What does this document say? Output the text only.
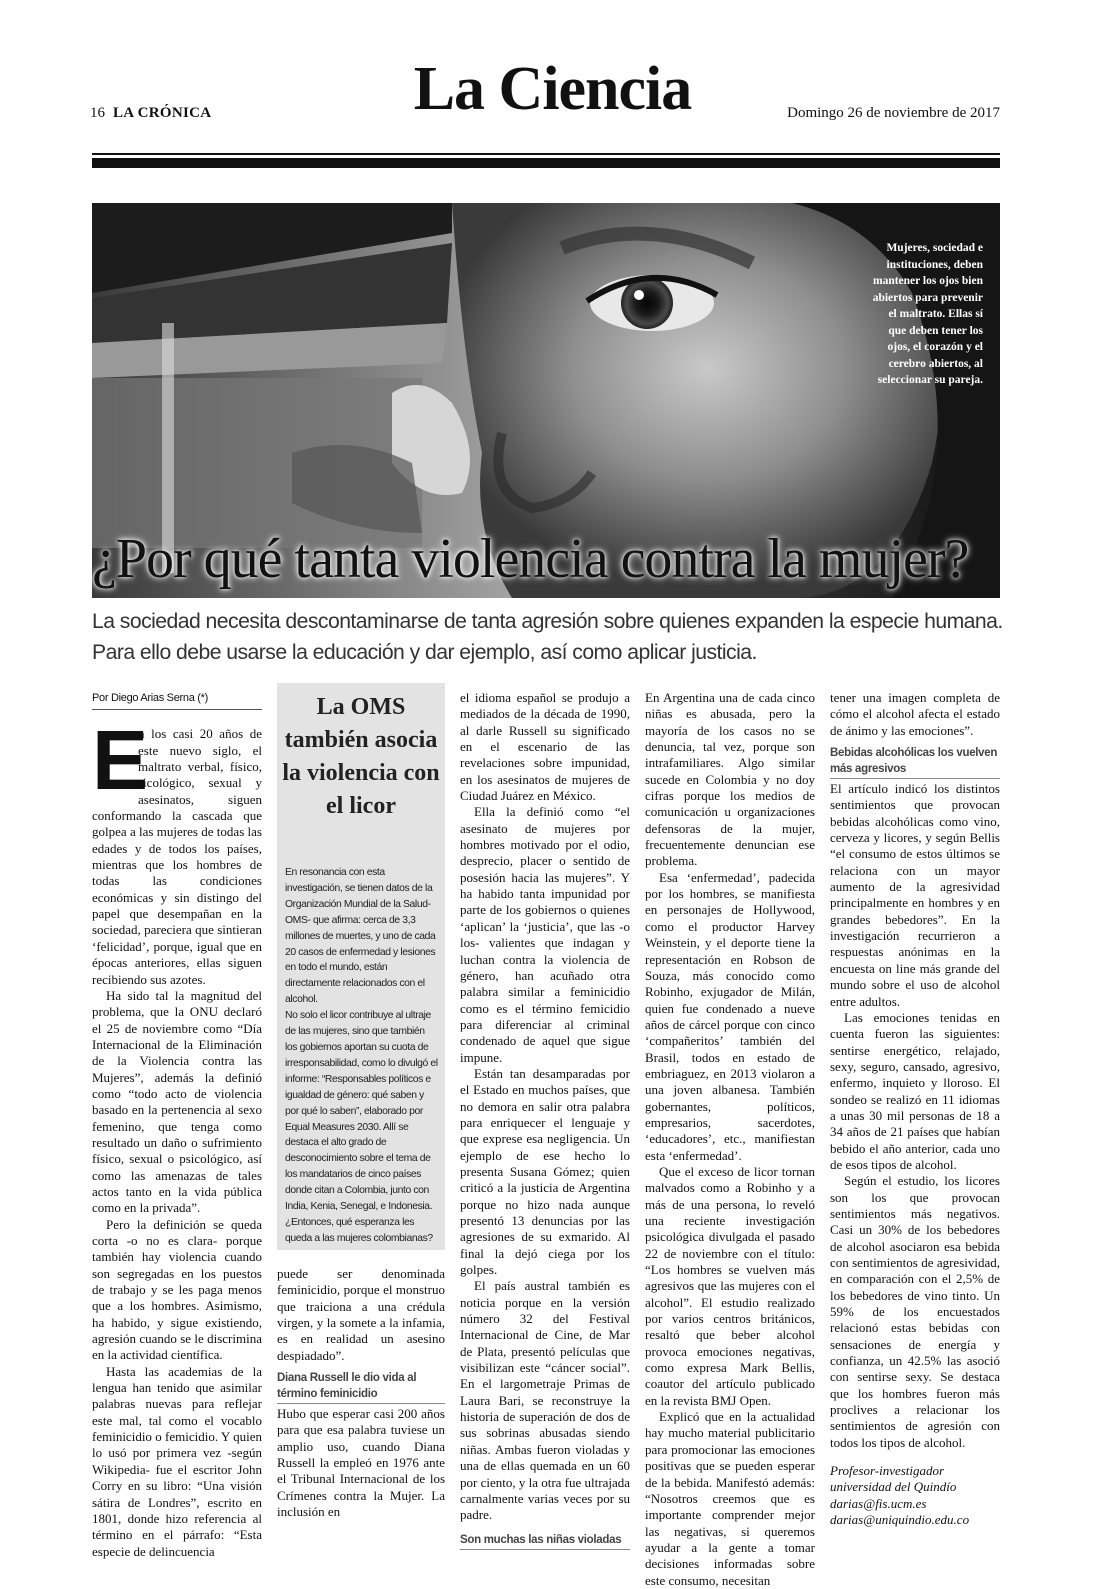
16 LA CRÓNICA	La Ciencia	Domingo 26 de noviembre de 2017
Mujeres, sociedad e instituciones, deben mantener los ojos bien abiertos para prevenir el maltrato. Ellas sí que deben tener los ojos, el corazón y el cerebro abiertos, al seleccionar su pareja.
¿Por qué tanta violencia contra la mujer?
La sociedad necesita descontaminarse de tanta agresión sobre quienes expanden la especie humana.
Para ello debe usarse la educación y dar ejemplo, así como aplicar justicia.
Por Diego Arias Serna (*)

E
n los casi 20 años de este nuevo siglo, el maltrato verbal, físico, sicológico, sexual y asesinatos, siguen conformando la cascada que golpea a las mujeres de todas las edades y de todos los países, mientras que los hombres de todas las condiciones económicas y sin distingo del papel que desempañan en la sociedad, pareciera que sintieran ‘felicidad’, porque, igual que en épocas anteriores, ellas siguen recibiendo sus azotes.

Ha sido tal la magnitud del problema, que la ONU declaró el 25 de noviembre como “Día Internacional de la Eliminación de la Violencia contra las Mujeres”, además la definió como “todo acto de violencia basado en la pertenencia al sexo femenino, que tenga como resultado un daño o sufrimiento físico, sexual o psicológico, así como las amenazas de tales actos tanto en la vida pública como en la privada”.

Pero la definición se queda corta -o no es clara- porque también hay violencia cuando son segregadas en los puestos de trabajo y se les paga menos que a los hombres. Asimismo, ha habido, y sigue existiendo, agresión cuando se le discrimina en la actividad científica.

Hasta las academias de la lengua han tenido que asimilar palabras nuevas para reflejar este mal, tal como el vocablo feminicidio o femicidio. Y quien lo usó por primera vez -según Wikipedia- fue el escritor John Corry en su libro: “Una visión sátira de Londres”, escrito en 1801, donde hizo referencia al término en el párrafo: “Esta especie de delincuencia

La OMS también asocia la violencia con el licor

En resonancia con esta investigación, se tienen datos de la Organización Mundial de la Salud- OMS- que afirma: cerca de 3,3 millones de muertes, y uno de cada 20 casos de enfermedad y lesiones en todo el mundo, están directamente relacionados con el alcohol.

No solo el licor contribuye al ultraje de las mujeres, sino que también los gobiernos aportan su cuota de irresponsabilidad, como lo divulgó el informe: “Responsables políticos e igualdad de género: qué saben y por qué lo saben”, elaborado por Equal Measures 2030. Allí se destaca el alto grado de desconocimiento sobre el tema de los mandatarios de cinco países donde citan a Colombia, junto con India, Kenia, Senegal, e Indonesia. ¿Entonces, qué esperanza les queda a las mujeres colombianas?

puede ser denominada feminicidio, porque el monstruo que traiciona a una crédula virgen, y la somete a la infamia, es en realidad un asesino despiadado”.

Diana Russell le dio vida al término feminicidio

Hubo que esperar casi 200 años para que esa palabra tuviese un amplio uso, cuando Diana Russell la empleó en 1976 ante el Tribunal Internacional de los Crímenes contra la Mujer. La inclusión en

el idioma español se produjo a mediados de la década de 1990, al darle Russell su significado en el escenario de las revelaciones sobre impunidad, en los asesinatos de mujeres de Ciudad Juárez en México.

Ella la definió como “el asesinato de mujeres por hombres motivado por el odio, desprecio, placer o sentido de posesión hacia las mujeres”. Y ha habido tanta impunidad por parte de los gobiernos o quienes ‘aplican’ la ‘justicia’, que las -o los- valientes que indagan y luchan contra la violencia de género, han acuñado otra palabra similar a feminicidio como es el término femicidio para diferenciar al criminal condenado de aquel que sigue impune.

Están tan desamparadas por el Estado en muchos países, que no demora en salir otra palabra para enriquecer el lenguaje y que exprese esa negligencia. Un ejemplo de ese hecho lo presenta Susana Gómez; quien criticó a la justicia de Argentina porque no hizo nada aunque presentó 13 denuncias por las agresiones de su exmarido. Al final la dejó ciega por los golpes.

El país austral también es noticia porque en la versión número 32 del Festival Internacional de Cine, de Mar de Plata, presentó películas que visibilizan este “cáncer social”. En el largometraje Primas de Laura Bari, se reconstruye la historia de superación de dos de sus sobrinas abusadas siendo niñas. Ambas fueron violadas y una de ellas quemada en un 60 por ciento, y la otra fue ultrajada carnalmente varias veces por su padre.

Son muchas las niñas violadas

En Argentina una de cada cinco niñas es abusada, pero la mayoría de los casos no se denuncia, tal vez, porque son intrafamiliares. Algo similar sucede en Colombia y no doy cifras porque los medios de comunicación u organizaciones defensoras de la mujer, frecuentemente denuncian ese problema.

Esa ‘enfermedad’, padecida por los hombres, se manifiesta en personajes de Hollywood, como el productor Harvey Weinstein, y el deporte tiene la representación en Robson de Souza, más conocido como Robinho, exjugador de Milán, quien fue condenado a nueve años de cárcel porque con cinco ‘compañeritos’ también del Brasil, todos en estado de embriaguez, en 2013 violaron a una joven albanesa. También gobernantes, políticos, empresarios, sacerdotes, ‘educadores’, etc., manifiestan esta ‘enfermedad’.

Que el exceso de licor tornan malvados como a Robinho y a más de una persona, lo reveló una reciente investigación psicológica divulgada el pasado 22 de noviembre con el título: “Los hombres se vuelven más agresivos que las mujeres con el alcohol”. El estudio realizado por varios centros británicos, resaltó que beber alcohol provoca emociones negativas, como expresa Mark Bellis, coautor del artículo publicado en la revista BMJ Open.

Explicó que en la actualidad hay mucho material publicitario para promocionar las emociones positivas que se pueden esperar de la bebida. Manifestó además: “Nosotros creemos que es importante comprender mejor las negativas, si queremos ayudar a la gente a tomar decisiones informadas sobre este consumo, necesitan

tener una imagen completa de cómo el alcohol afecta el estado de ánimo y las emociones”.

Bebidas alcohólicas los vuelven más agresivos

El artículo indicó los distintos sentimientos que provocan bebidas alcohólicas como vino, cerveza y licores, y según Bellis “el consumo de estos últimos se relaciona con un mayor aumento de la agresividad principalmente en hombres y en grandes bebedores”. En la investigación recurrieron a respuestas anónimas en la encuesta on line más grande del mundo sobre el uso de alcohol entre adultos.

Las emociones tenidas en cuenta fueron las siguientes: sentirse energético, relajado, sexy, seguro, cansado, agresivo, enfermo, inquieto y lloroso. El sondeo se realizó en 11 idiomas a unas 30 mil personas de 18 a 34 años de 21 países que habían bebido el año anterior, cada uno de esos tipos de alcohol.

Según el estudio, los licores son los que provocan sentimientos más negativos. Casi un 30% de los bebedores de alcohol asociaron esa bebida con sentimientos de agresividad, en comparación con el 2,5% de los bebedores de vino tinto. Un 59% de los encuestados relacionó estas bebidas con sensaciones de energía y confianza, un 42.5% las asoció con sentirse sexy. Se destaca que los hombres fueron más proclives a relacionar los sentimientos de agresión con todos los tipos de alcohol.

Profesor-investigador universidad del Quindío

darias@fis.ucm.es

darias@uniquindio.edu.co
